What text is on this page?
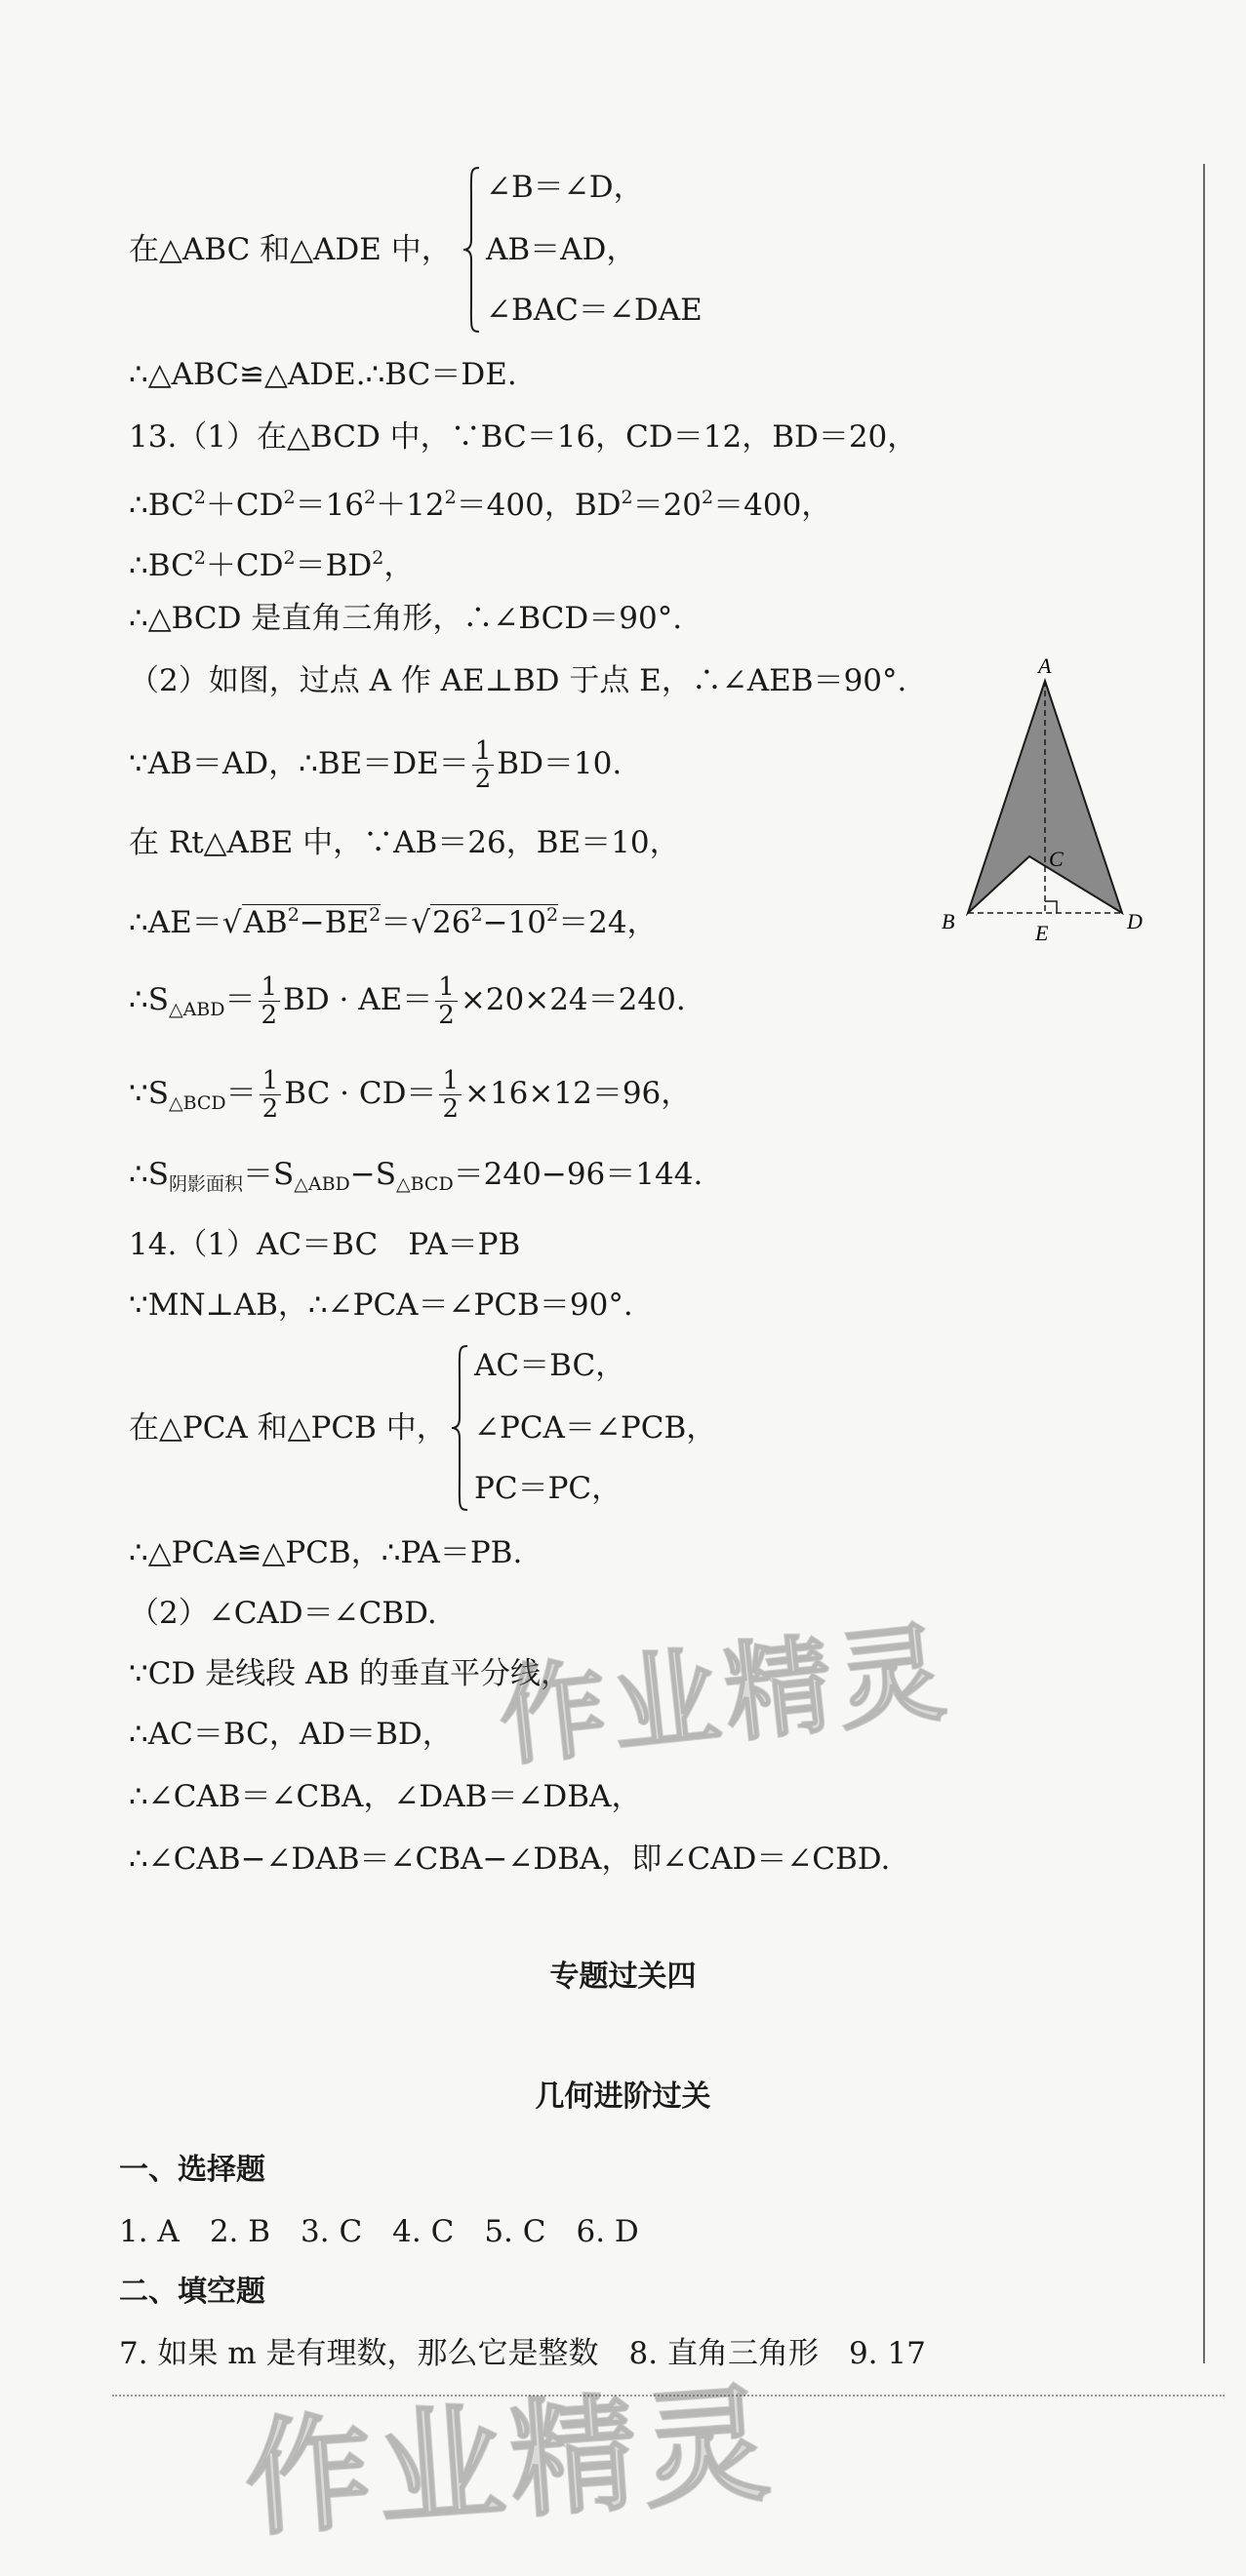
在△ABC 和△ADE 中，
∠B＝∠D，
AB＝AD，
∠BAC＝∠DAE
∴△ABC≌△ADE.∴BC＝DE.
13.（1）在△BCD 中，∵BC＝16，CD＝12，BD＝20，
$\therefore BC^2+CD^2=16^2+12^2=400$，$BD^2=20^2=400$，
$\therefore BC^2+CD^2=BD^2$，
∴△BCD 是直角三角形，∴∠BCD＝90°.
（2）如图，过点 A 作 AE⊥BD 于点 E，∴∠AEB＝90°.
∵AB＝AD，∴BE＝DE＝ $\frac{1}{2} BD=10$.
在 Rt△ABE 中，∵AB＝26，BE＝10，
$\therefore AE=√AB^2-BE^2=√26^2-10^2=24$，
$\therefore S_{\triangle ABD}= \frac{1}{2}$ BD · $AE= \frac{1}{2} \times 20\times 24=240$.
$\because S_{\triangle BCD}= \frac{1}{2}$ BC · $CD= \frac{1}{2} \times 16\times 12=96$，
$\therefore S_{阴影面积}=S_{\triangle ABD}-S_{\triangle BCD}=240-96=144$.
A
B
C
D
E
14.（1）AC＝BC　PA＝PB
∵MN⊥AB，∴∠PCA＝∠PCB＝90°.
在△PCA 和△PCB 中，
AC＝BC，
∠PCA＝∠PCB，
PC＝PC，
∴△PCA≌△PCB，∴PA＝PB.
（2）∠CAD＝∠CBD.
∵CD 是线段 AB 的垂直平分线，
∴AC＝BC，AD＝BD，
∴∠CAB＝∠CBA，∠DAB＝∠DBA，
∴∠CAB−∠DAB＝∠CBA−∠DBA，即∠CAD＝∠CBD.
专题过关四
几何进阶过关
一、选择题
1. A　2. B　3. C　4. C　5. C　6. D
二、填空题
7. 如果 m 是有理数，那么它是整数　8. 直角三角形　9. 17
作业精灵
作业精灵
